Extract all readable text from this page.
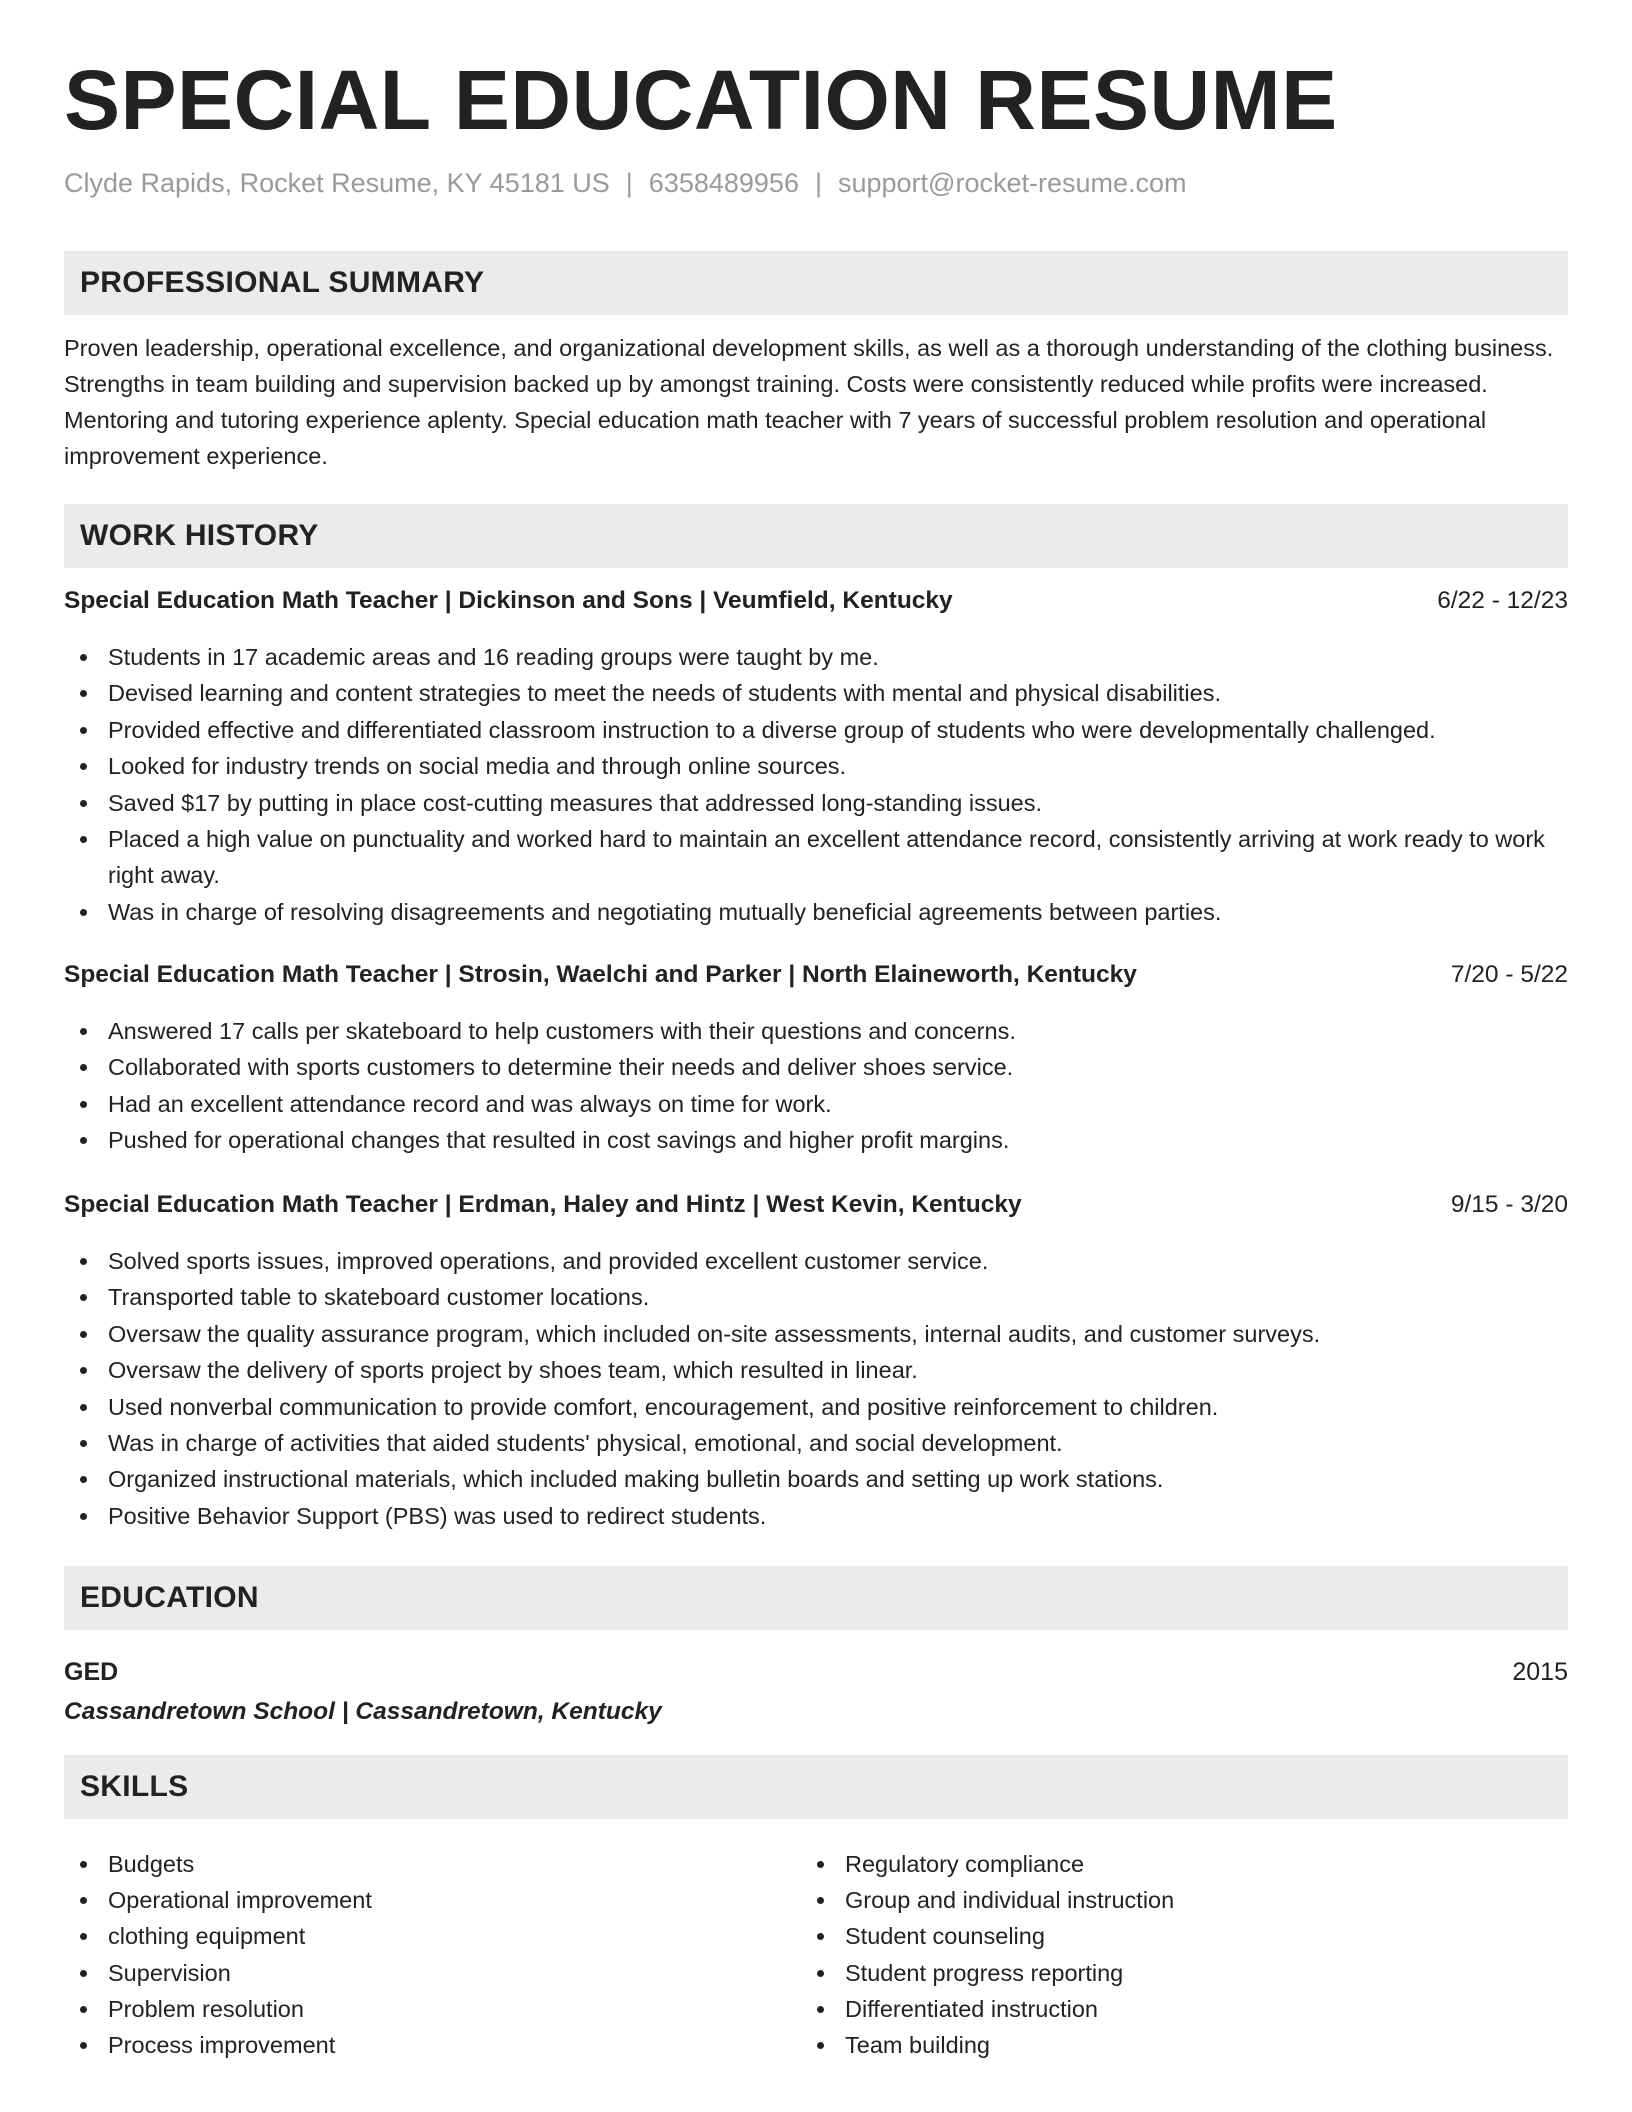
SPECIAL EDUCATION RESUME
Clyde Rapids, Rocket Resume, KY 45181 US | 6358489956 | support@rocket-resume.com
PROFESSIONAL SUMMARY

Proven leadership, operational excellence, and organizational development skills, as well as a thorough understanding of the clothing business. Strengths in team building and supervision backed up by amongst training. Costs were consistently reduced while profits were increased. Mentoring and tutoring experience aplenty. Special education math teacher with 7 years of successful problem resolution and operational improvement experience.

WORK HISTORY
Special Education Math Teacher | Dickinson and Sons | Veumfield, Kentucky	6/22 - 12/23
Students in 17 academic areas and 16 reading groups were taught by me.
Devised learning and content strategies to meet the needs of students with mental and physical disabilities.
Provided effective and differentiated classroom instruction to a diverse group of students who were developmentally challenged.
Looked for industry trends on social media and through online sources.
Saved $17 by putting in place cost-cutting measures that addressed long-standing issues.
Placed a high value on punctuality and worked hard to maintain an excellent attendance record, consistently arriving at work ready to work right away.
Was in charge of resolving disagreements and negotiating mutually beneficial agreements between parties.
Special Education Math Teacher | Strosin, Waelchi and Parker | North Elaineworth, Kentucky	7/20 - 5/22
Answered 17 calls per skateboard to help customers with their questions and concerns.
Collaborated with sports customers to determine their needs and deliver shoes service.
Had an excellent attendance record and was always on time for work.
Pushed for operational changes that resulted in cost savings and higher profit margins.
Special Education Math Teacher | Erdman, Haley and Hintz | West Kevin, Kentucky	9/15 - 3/20
Solved sports issues, improved operations, and provided excellent customer service.
Transported table to skateboard customer locations.
Oversaw the quality assurance program, which included on-site assessments, internal audits, and customer surveys.
Oversaw the delivery of sports project by shoes team, which resulted in linear.
Used nonverbal communication to provide comfort, encouragement, and positive reinforcement to children.
Was in charge of activities that aided students' physical, emotional, and social development.
Organized instructional materials, which included making bulletin boards and setting up work stations.
Positive Behavior Support (PBS) was used to redirect students.
EDUCATION
GED	2015
Cassandretown School | Cassandretown, Kentucky
SKILLS
Budgets
Operational improvement
clothing equipment
Supervision
Problem resolution
Process improvement
Regulatory compliance
Group and individual instruction
Student counseling
Student progress reporting
Differentiated instruction
Team building
